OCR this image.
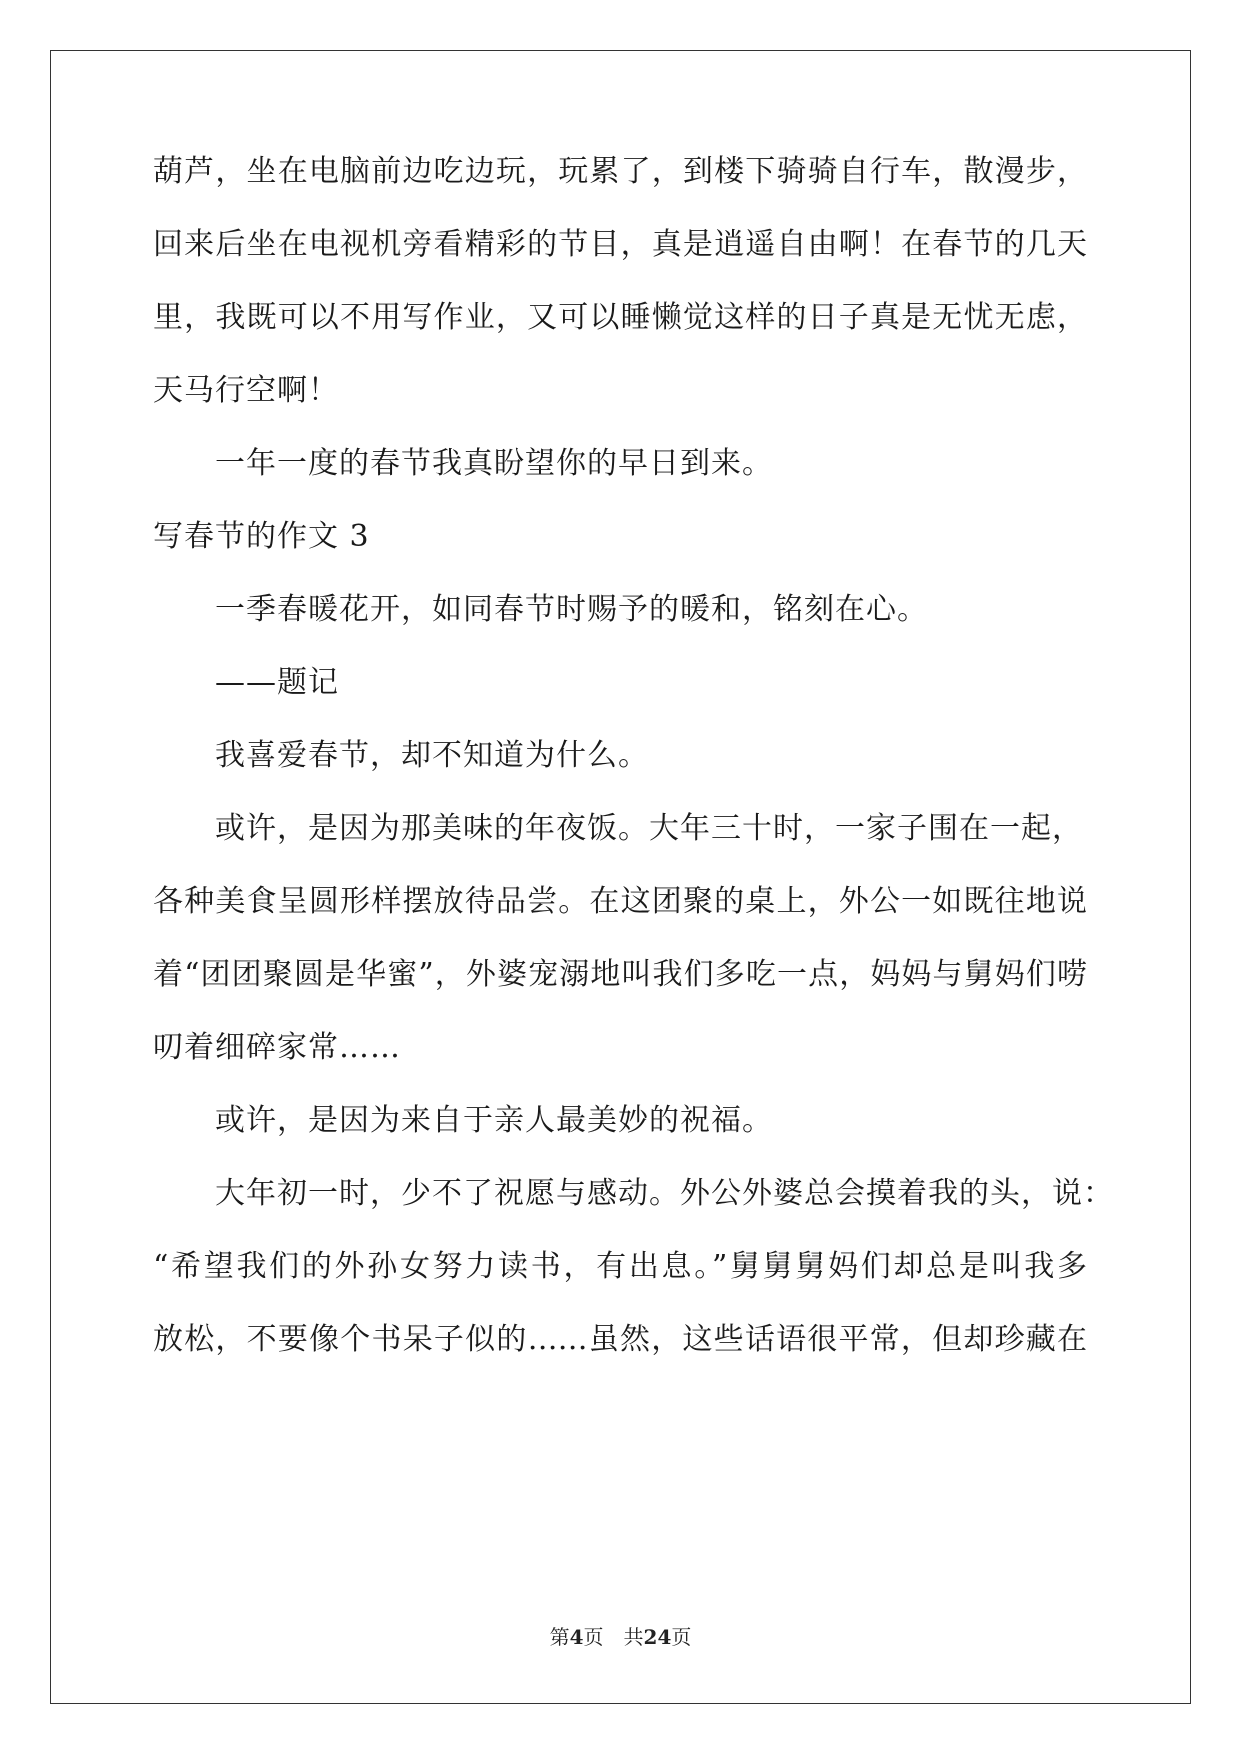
葫芦，坐在电脑前边吃边玩，玩累了，到楼下骑骑自行车，散漫步，
回来后坐在电视机旁看精彩的节目，真是逍遥自由啊！在春节的几天
里，我既可以不用写作业，又可以睡懒觉这样的日子真是无忧无虑，
天马行空啊！
一年一度的春节我真盼望你的早日到来。
写春节的作文 3
一季春暖花开，如同春节时赐予的暖和，铭刻在心。
——题记
我喜爱春节，却不知道为什么。
或许，是因为那美味的年夜饭。大年三十时，一家子围在一起，
各种美食呈圆形样摆放待品尝。在这团聚的桌上，外公一如既往地说
着“团团聚圆是华蜜”，外婆宠溺地叫我们多吃一点，妈妈与舅妈们唠
叨着细碎家常……
或许，是因为来自于亲人最美妙的祝福。
大年初一时，少不了祝愿与感动。外公外婆总会摸着我的头，说：
“希望我们的外孙女努力读书，有出息。”舅舅舅妈们却总是叫我多
放松，不要像个书呆子似的……虽然，这些话语很平常，但却珍藏在
第4页　共24页
